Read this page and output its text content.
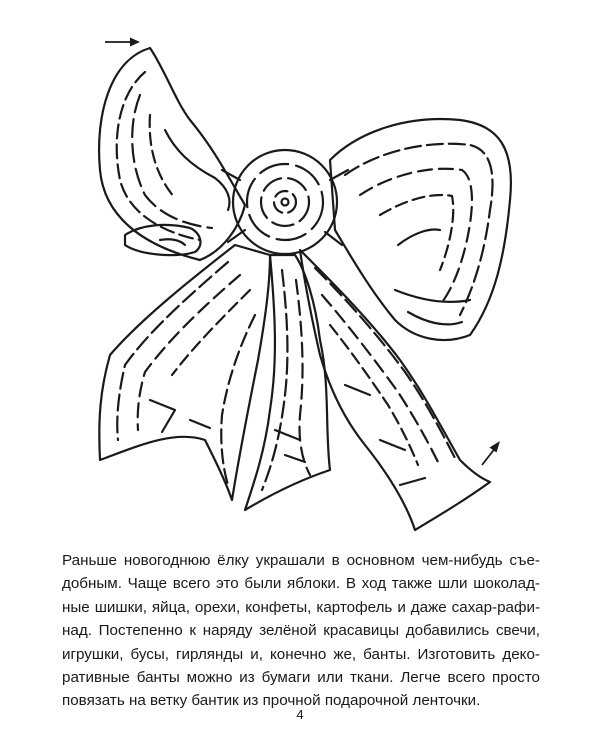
Раньше новогоднюю ёлку украшали в основном чем-нибудь съе-
добным. Чаще всего это были яблоки. В ход также шли шоколад-
ные шишки, яйца, орехи, конфеты, картофель и даже сахар-рафи-
над. Постепенно к наряду зелёной красавицы добавились свечи,
игрушки, бусы, гирлянды и, конечно же, банты. Изготовить деко-
ративные банты можно из бумаги или ткани. Легче всего просто
повязать на ветку бантик из прочной подарочной ленточки.

4
